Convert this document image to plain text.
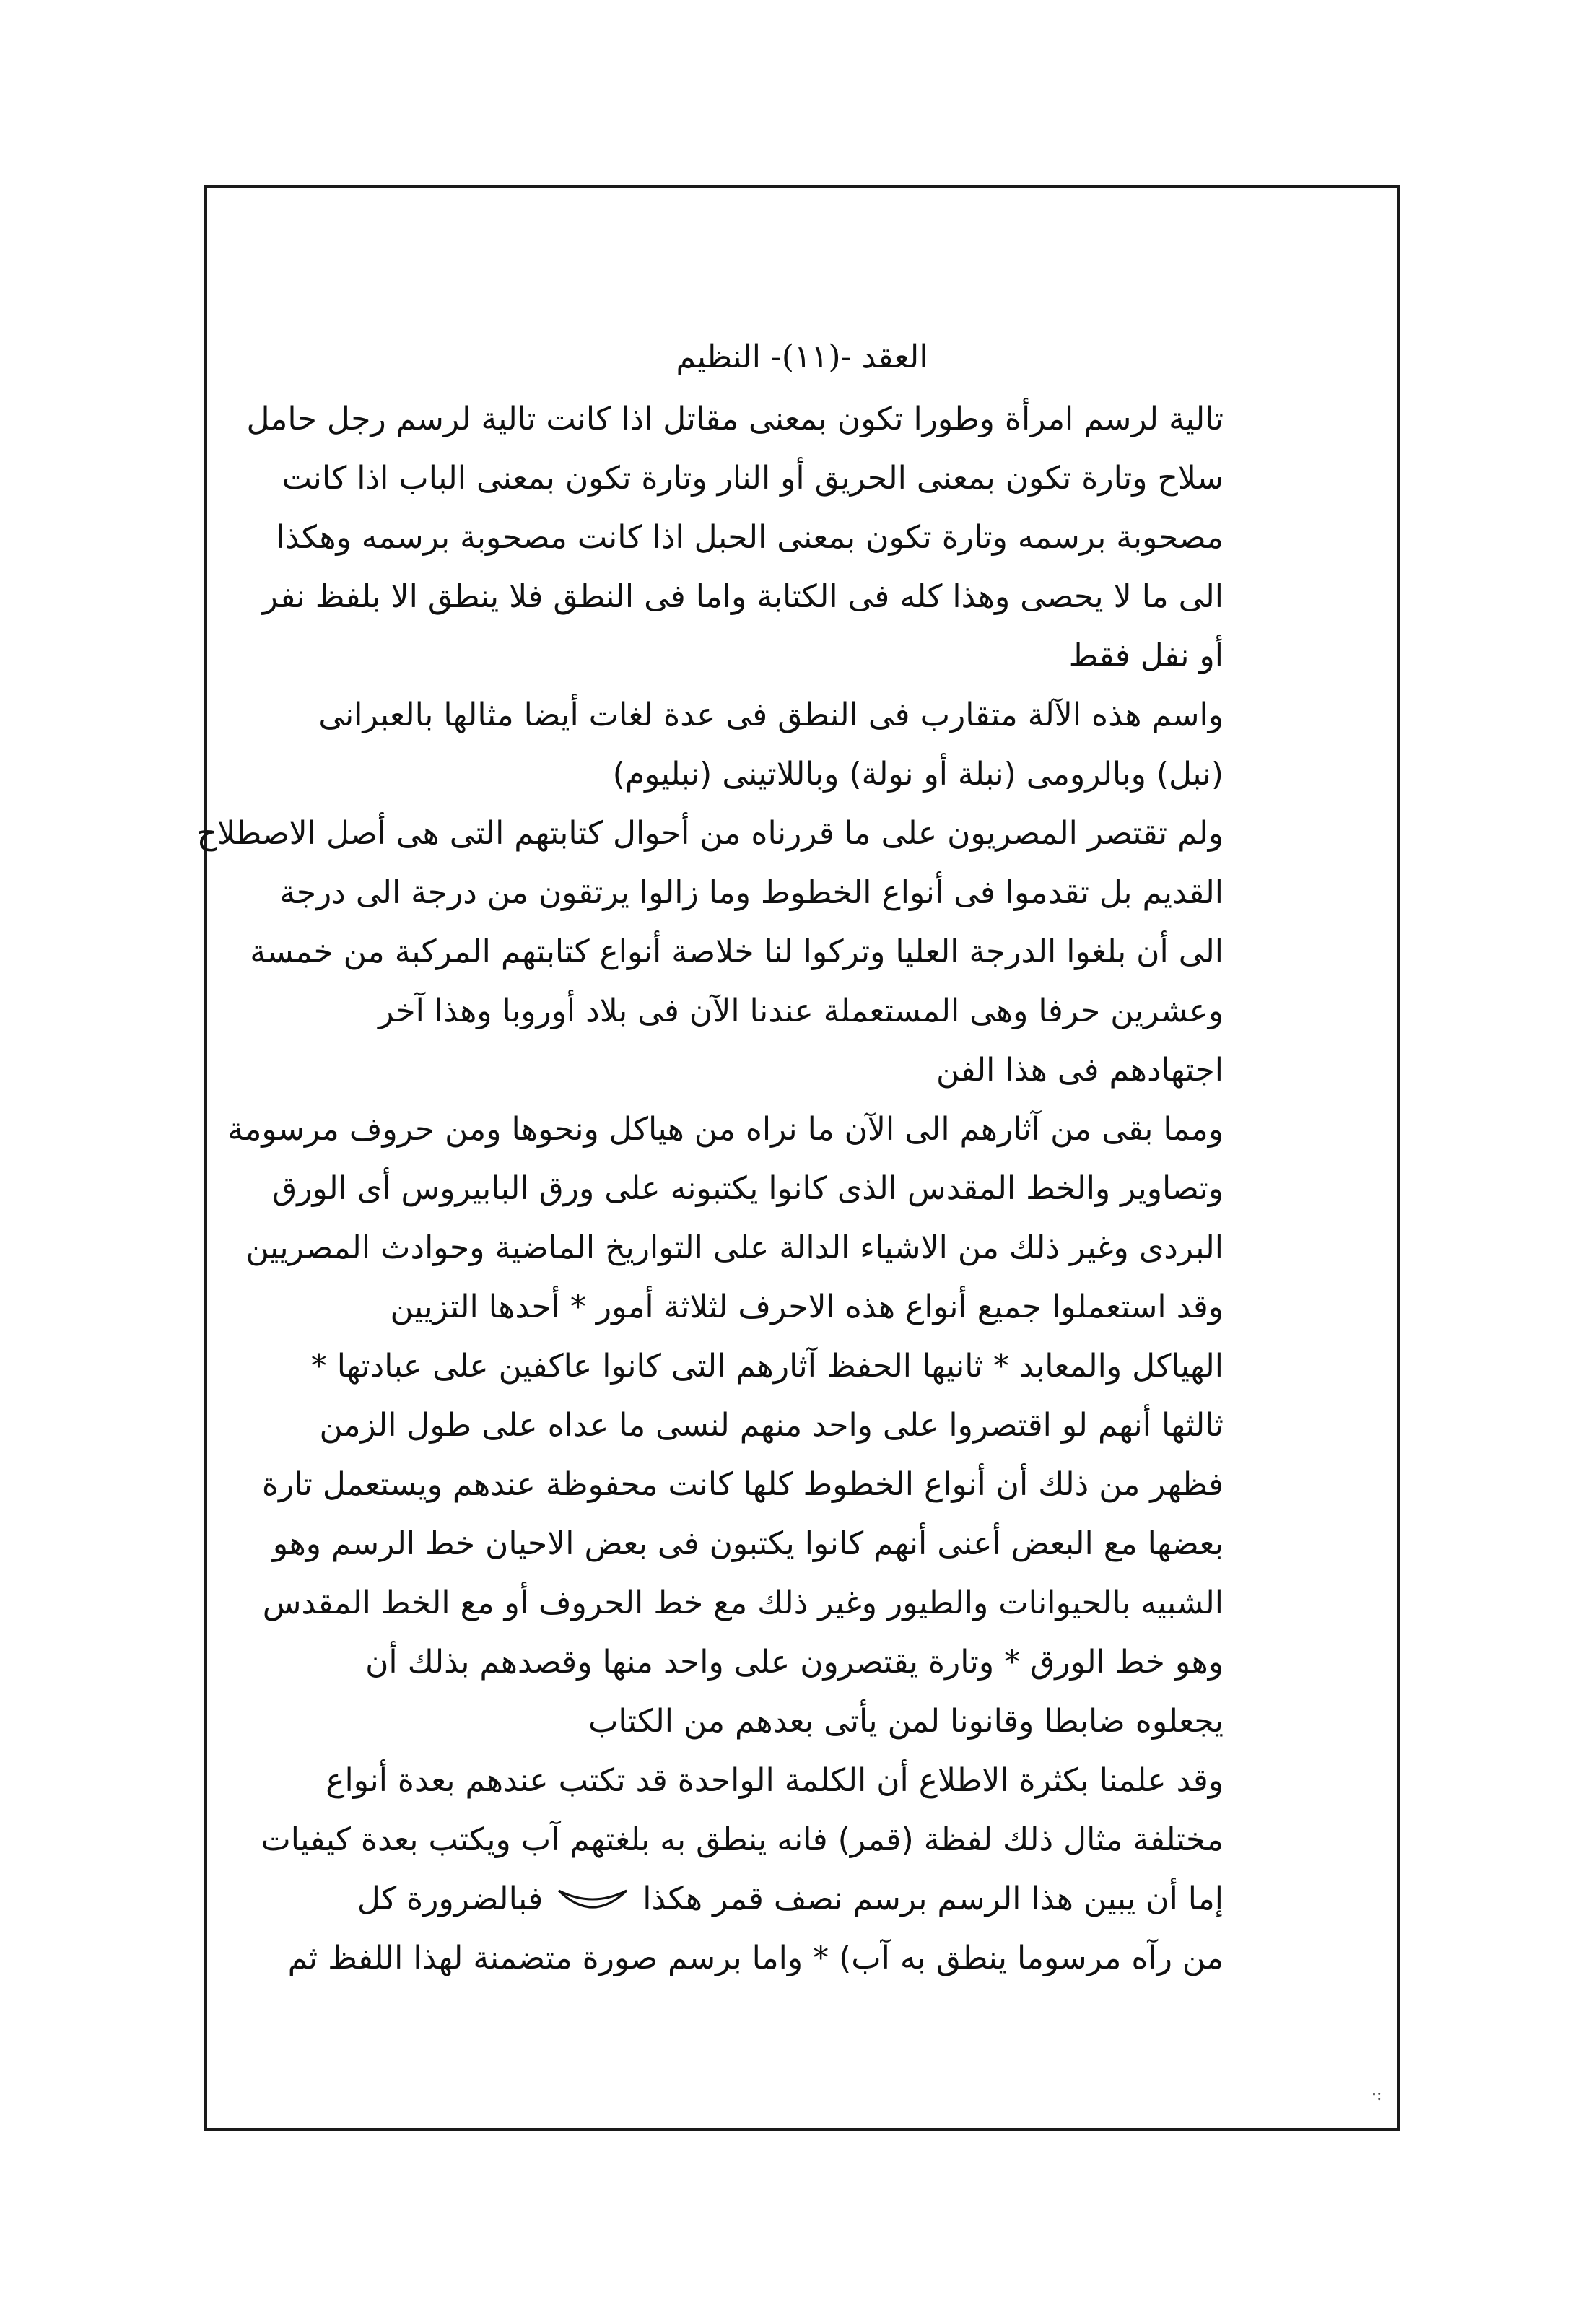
العقد -(١١)- النظيم
تالية لرسم امرأة وطورا تكون بمعنى مقاتل اذا كانت تالية لرسم رجل حامل
سلاح وتارة تكون بمعنى الحريق أو النار وتارة تكون بمعنى الباب اذا كانت
مصحوبة برسمه وتارة تكون بمعنى الحبل اذا كانت مصحوبة برسمه وهكذا
الى ما لا يحصى وهذا كله فى الكتابة واما فى النطق فلا ينطق الا بلفظ نفر
أو نفل فقط
واسم هذه الآلة متقارب فى النطق فى عدة لغات أيضا مثالها بالعبرانى
(نبل) وبالرومى (نبلة أو نولة) وباللاتينى (نبليوم)
ولم تقتصر المصريون على ما قررناه من أحوال كتابتهم التى هى أصل الاصطلاح
القديم بل تقدموا فى أنواع الخطوط وما زالوا يرتقون من درجة الى درجة
الى أن بلغوا الدرجة العليا وتركوا لنا خلاصة أنواع كتابتهم المركبة من خمسة
وعشرين حرفا وهى المستعملة عندنا الآن فى بلاد أوروبا وهذا آخر
اجتهادهم فى هذا الفن
ومما بقى من آثارهم الى الآن ما نراه من هياكل ونحوها ومن حروف مرسومة
وتصاوير والخط المقدس الذى كانوا يكتبونه على ورق البابيروس أى الورق
البردى وغير ذلك من الاشياء الدالة على التواريخ الماضية وحوادث المصريين
وقد استعملوا جميع أنواع هذه الاحرف لثلاثة أمور * أحدها التزيين
الهياكل والمعابد * ثانيها الحفظ آثارهم التى كانوا عاكفين على عبادتها *
ثالثها أنهم لو اقتصروا على واحد منهم لنسى ما عداه على طول الزمن
فظهر من ذلك أن أنواع الخطوط كلها كانت محفوظة عندهم ويستعمل تارة
بعضها مع البعض أعنى أنهم كانوا يكتبون فى بعض الاحيان خط الرسم وهو
الشبيه بالحيوانات والطيور وغير ذلك مع خط الحروف أو مع الخط المقدس
وهو خط الورق * وتارة يقتصرون على واحد منها وقصدهم بذلك أن
يجعلوه ضابطا وقانونا لمن يأتى بعدهم من الكتاب
وقد علمنا بكثرة الاطلاع أن الكلمة الواحدة قد تكتب عندهم بعدة أنواع
مختلفة مثال ذلك لفظة (قمر) فانه ينطق به بلغتهم آب ويكتب بعدة كيفيات
إما أن يبين هذا الرسم برسم نصف قمر هكذا  فبالضرورة كل
من رآه مرسوما ينطق به آب) * واما برسم صورة متضمنة لهذا اللفظ ثم
·:
